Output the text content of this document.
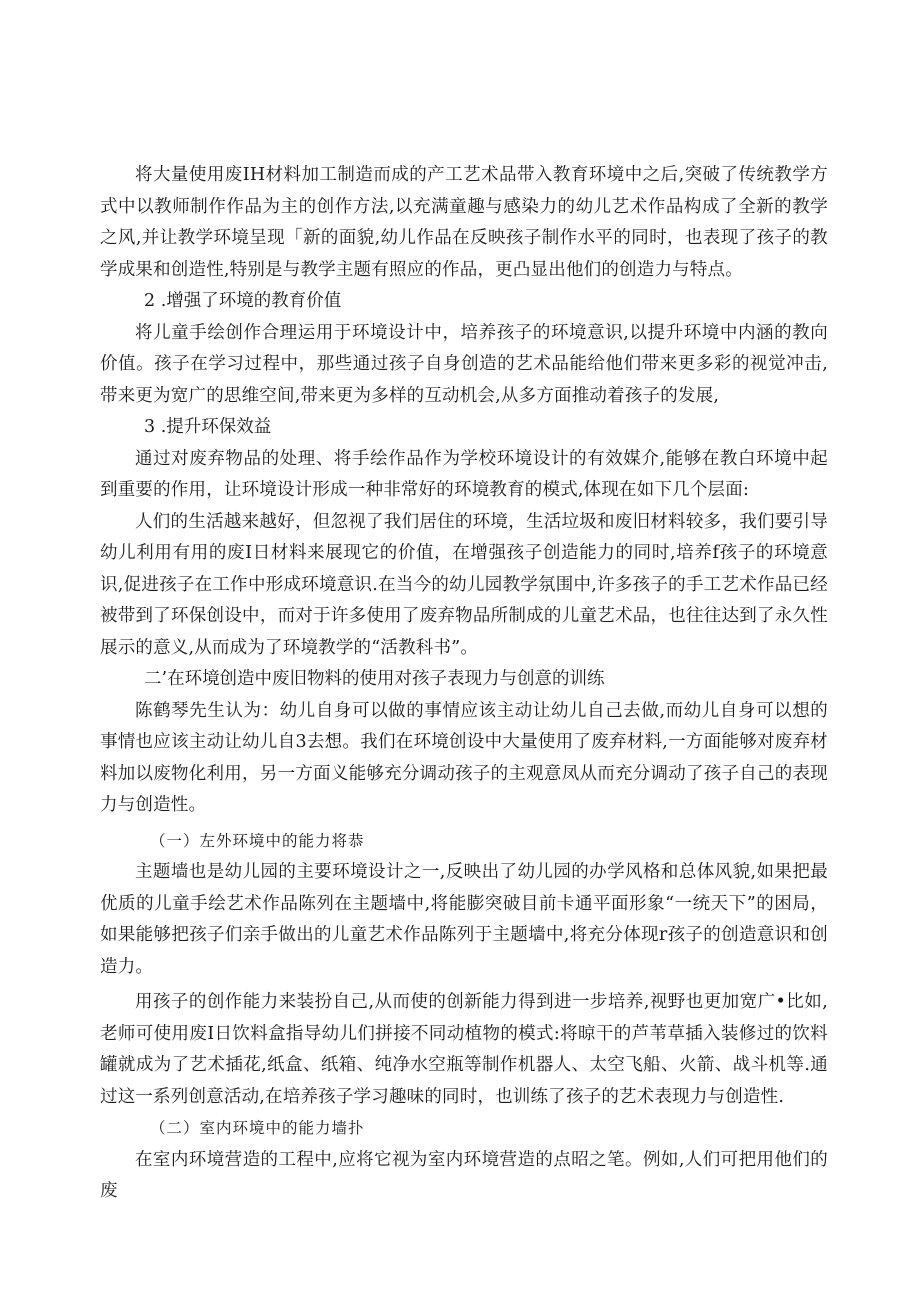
将大量使用废IH材料加工制造而成的产工艺术品带入教育环境中之后,突破了传统教学方式中以教师制作作品为主的创作方法,以充满童趣与感染力的幼儿艺术作品构成了全新的教学之风,并让教学环境呈现「新的面貌,幼儿作品在反映孩子制作水平的同时，也表现了孩子的教学成果和创造性,特别是与教学主题有照应的作品，更凸显出他们的创造力与特点。

2 .增强了环境的教育价值

将儿童手绘创作合理运用于环境设计中，培养孩子的环境意识,以提升环境中内涵的教向价值。孩子在学习过程中，那些通过孩子自身创造的艺术品能给他们带来更多彩的视觉冲击,带来更为宽广的思维空间,带来更为多样的互动机会,从多方面推动着孩子的发展,

3 .提升环保效益

通过对废弃物品的处理、将手绘作品作为学校环境设计的有效媒介,能够在教白环境中起到重要的作用，让环境设计形成一种非常好的环境教育的模式,体现在如下几个层面:

人们的生活越来越好，但忽视了我们居住的环境，生活垃圾和废旧材料较多，我们要引导幼儿利用有用的废I日材料来展现它的价值，在增强孩子创造能力的同时,培养f孩子的环境意识,促进孩子在工作中形成环境意识.在当今的幼儿园教学氛围中,许多孩子的手工艺术作品已经被带到了环保创设中，而对于许多使用了废弃物品所制成的儿童艺术品，也往往达到了永久性展示的意义,从而成为了环境教学的“活教科书”。

二’在环境创造中废旧物料的使用对孩子表现力与创意的训练

陈鹤琴先生认为：幼儿自身可以做的事情应该主动让幼儿自己去做,而幼儿自身可以想的事情也应该主动让幼儿自3去想。我们在环境创设中大量使用了废弃材料,一方面能够对废弃材料加以废物化利用，另一方面义能够充分调动孩子的主观意凤从而充分调动了孩子自己的表现力与创造性。

（一）左外环境中的能力将恭

主题墙也是幼儿园的主要环境设计之一,反映出了幼儿园的办学风格和总体风貌,如果把最优质的儿童手绘艺术作品陈列在主题墙中,将能膨突破目前卡通平面形象“一统天下”的困局，如果能够把孩子们亲手做出的儿童艺术作品陈列于主题墙中,将充分体现r孩子的创造意识和创造力。

用孩子的创作能力来装扮自己,从而使的创新能力得到进一步培养,视野也更加宽广•比如,老师可使用废I日饮料盒指导幼儿们拼接不同动植物的模式:将晾干的芦苇草插入装修过的饮料罐就成为了艺术插花,纸盒、纸箱、纯净水空瓶等制作机器人、太空飞船、火箭、战斗机等.通过这一系列创意活动,在培养孩子学习趣味的同时，也训练了孩子的艺术表现力与创造性.

（二）室内环境中的能力墙扑

在室内环境营造的工程中,应将它视为室内环境营造的点昭之笔。例如,人们可把用他们的废
